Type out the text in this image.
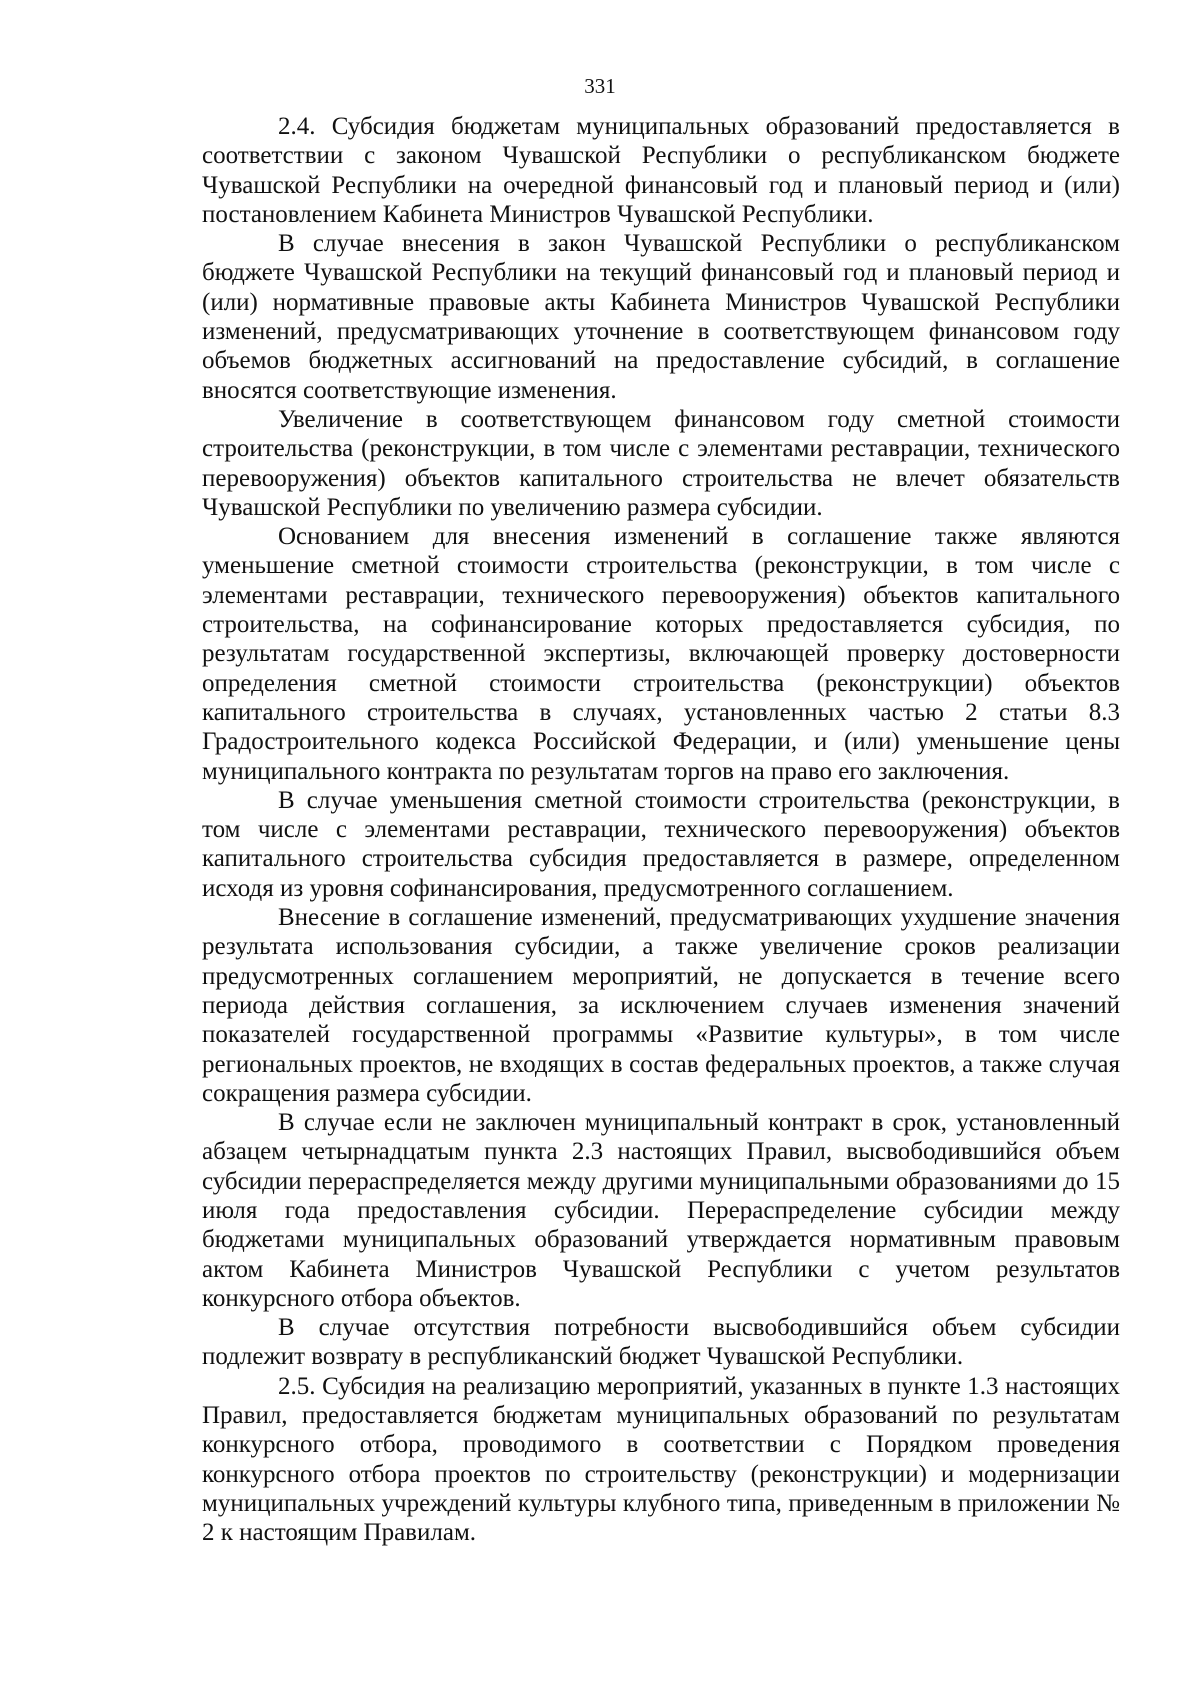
331

2.4. Субсидия бюджетам муниципальных образований предоставляется в соответствии с законом Чувашской Республики о республиканском бюджете Чувашской Республики на очередной финансовый год и плановый период и (или) постановлением Кабинета Министров Чувашской Республики.

В случае внесения в закон Чувашской Республики о республиканском бюджете Чувашской Республики на текущий финансовый год и плановый период и (или) нормативные правовые акты Кабинета Министров Чувашской Республики изменений, предусматривающих уточнение в соответствующем финансовом году объемов бюджетных ассигнований на предоставление субсидий, в соглашение вносятся соответствующие изменения.

Увеличение в соответствующем финансовом году сметной стоимости строительства (реконструкции, в том числе с элементами реставрации, технического перевооружения) объектов капитального строительства не влечет обязательств Чувашской Республики по увеличению размера субсидии.

Основанием для внесения изменений в соглашение также являются уменьшение сметной стоимости строительства (реконструкции, в том числе с элементами реставрации, технического перевооружения) объектов капитального строительства, на софинансирование которых предоставляется субсидия, по результатам государственной экспертизы, включающей проверку достоверности определения сметной стоимости строительства (реконструкции) объектов капитального строительства в случаях, установленных частью 2 статьи 8.3 Градостроительного кодекса Российской Федерации, и (или) уменьшение цены муниципального контракта по результатам торгов на право его заключения.

В случае уменьшения сметной стоимости строительства (реконструкции, в том числе с элементами реставрации, технического перевооружения) объектов капитального строительства субсидия предоставляется в размере, определенном исходя из уровня софинансирования, предусмотренного соглашением.

Внесение в соглашение изменений, предусматривающих ухудшение значения результата использования субсидии, а также увеличение сроков реализации предусмотренных соглашением мероприятий, не допускается в течение всего периода действия соглашения, за исключением случаев изменения значений показателей государственной программы «Развитие культуры», в том числе региональных проектов, не входящих в состав федеральных проектов, а также случая сокращения размера субсидии.

В случае если не заключен муниципальный контракт в срок, установленный абзацем четырнадцатым пункта 2.3 настоящих Правил, высвободившийся объем субсидии перераспределяется между другими муниципальными образованиями до 15 июля года предоставления субсидии. Перераспределение субсидии между бюджетами муниципальных образований утверждается нормативным правовым актом Кабинета Министров Чувашской Республики с учетом результатов конкурсного отбора объектов.

В случае отсутствия потребности высвободившийся объем субсидии подлежит возврату в республиканский бюджет Чувашской Республики.

2.5. Субсидия на реализацию мероприятий, указанных в пункте 1.3 настоящих Правил, предоставляется бюджетам муниципальных образований по результатам конкурсного отбора, проводимого в соответствии с Порядком проведения конкурсного отбора проектов по строительству (реконструкции) и модернизации муниципальных учреждений культуры клубного типа, приведенным в приложении № 2 к настоящим Правилам.
